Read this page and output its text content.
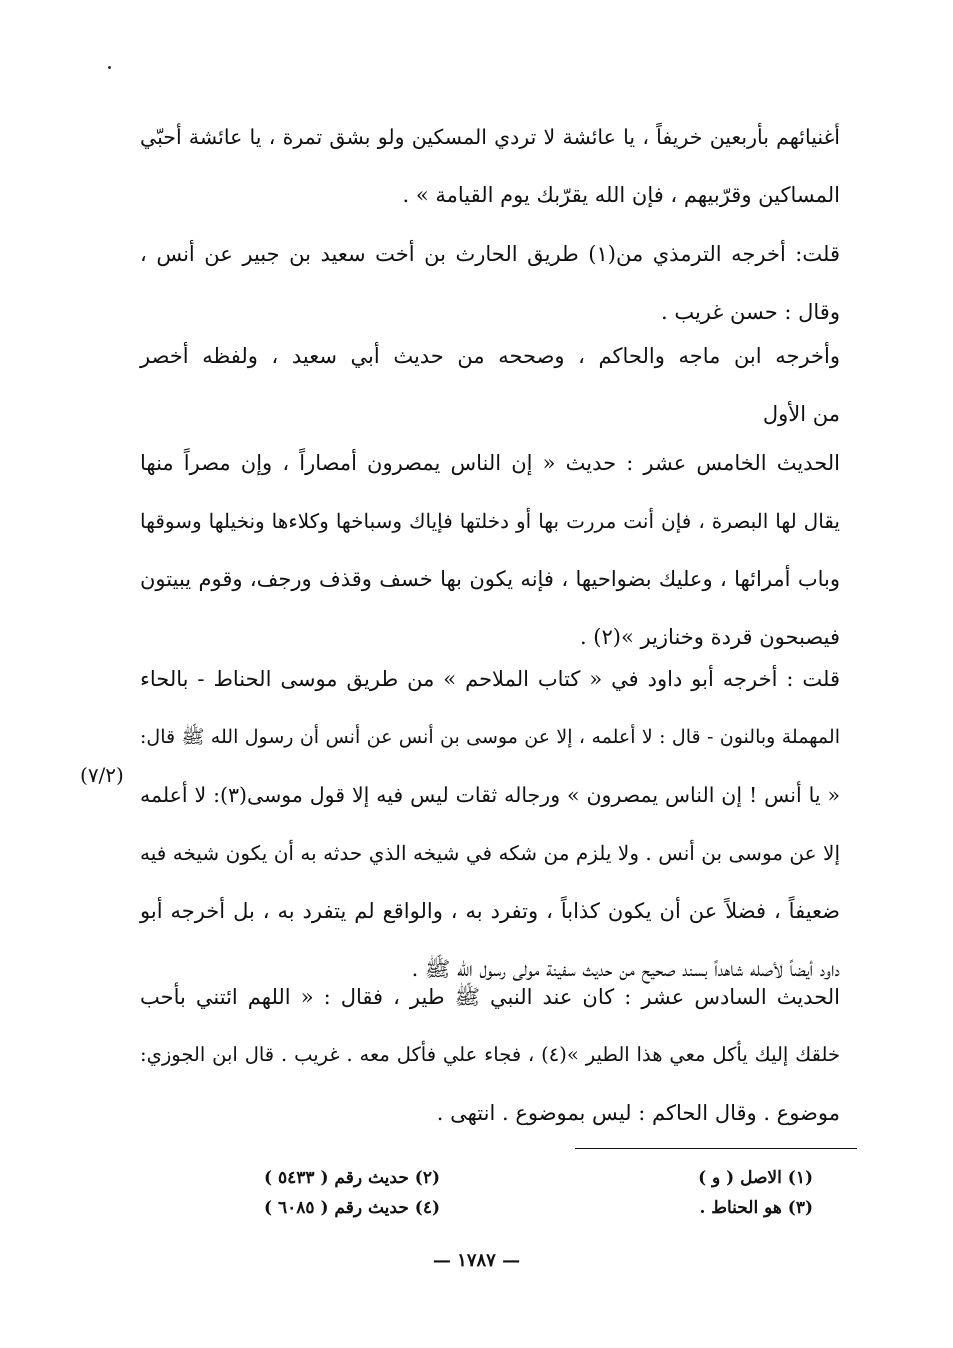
أغنيائهم بأربعين خريفاً ، يا عائشة لا تردي المسكين ولو بشق تمرة ، يا عائشة أحبّي
المساكين وقرّبيهم ، فإن الله يقرّبك يوم القيامة » .
قلت: أخرجه الترمذي من(١) طريق الحارث بن أخت سعيد بن جبير عن أنس ،
وقال : حسن غريب .
وأخرجه ابن ماجه والحاكم ، وصححه من حديث أبي سعيد ، ولفظه أخصر
من الأول
الحديث الخامس عشر : حديث « إن الناس يمصرون أمصاراً ، وإن مصراً منها
يقال لها البصرة ، فإن أنت مررت بها أو دخلتها فإياك وسباخها وكلاءها ونخيلها وسوقها
وباب أمرائها ، وعليك بضواحيها ، فإنه يكون بها خسف وقذف ورجف، وقوم يبيتون
فيصبحون قردة وخنازير »(٢) .
قلت : أخرجه أبو داود في « كتاب الملاحم » من طريق موسى الحناط - بالحاء
المهملة وبالنون - قال : لا أعلمه ، إلا عن موسى بن أنس عن أنس أن رسول الله ﷺ قال:
« يا أنس ! إن الناس يمصرون » ورجاله ثقات ليس فيه إلا قول موسى(٣): لا أعلمه
إلا عن موسى بن أنس . ولا يلزم من شكه في شيخه الذي حدثه به أن يكون شيخه فيه
ضعيفاً ، فضلاً عن أن يكون كذاباً ، وتفرد به ، والواقع لم يتفرد به ، بل أخرجه أبو
داود أيضاً لأصله شاهداً بسند صحيح من حديث سفينة مولى رسول الله ﷺ .
(٧/٢)
الحديث السادس عشر : كان عند النبي ﷺ طير ، فقال : « اللهم ائتني بأحب
خلقك إليك يأكل معي هذا الطير »(٤) ، فجاء علي فأكل معه . غريب . قال ابن الجوزي:
موضوع . وقال الحاكم : ليس بموضوع . انتهى .
(١) الاصل ( و )
(٣) هو الحناط .
(٢) حديث رقم ( ٥٤٣٣ )
(٤) حديث رقم ( ٦٠٨٥ )
— ١٧٨٧ —
